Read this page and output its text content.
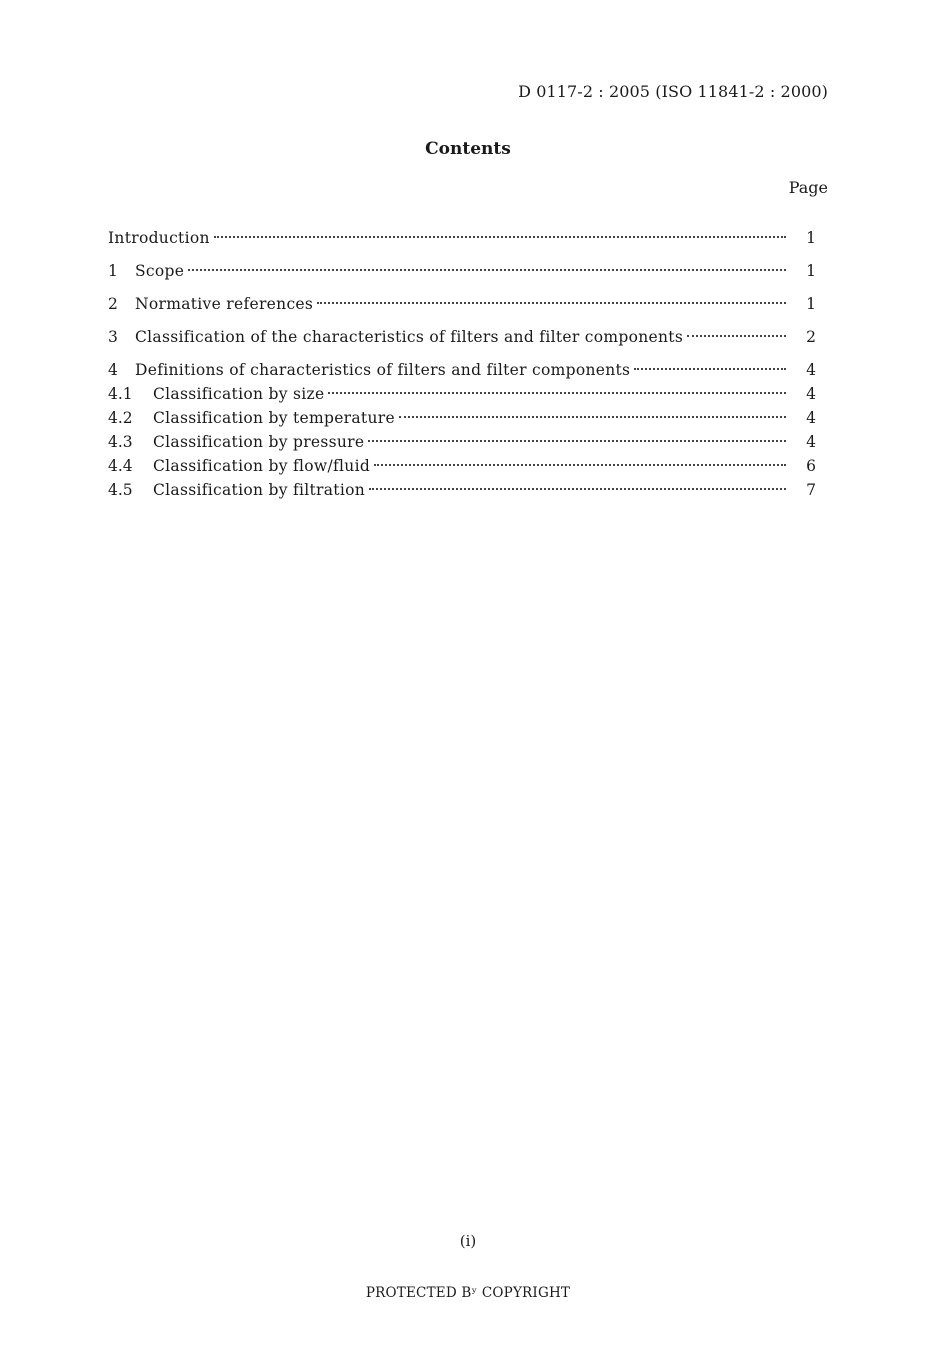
D 0117-2 : 2005 (ISO 11841-2 : 2000)
Contents
Page
Introduction	1
1	Scope	1
2	Normative references	1
3	Classification of the characteristics of filters and filter components	2
4	Definitions of characteristics of filters and filter components	4
4.1	Classification by size	4
4.2	Classification by temperature	4
4.3	Classification by pressure	4
4.4	Classification by flow/fluid	6
4.5	Classification by filtration	7
(i)
PROTECTED Bʸ COPYRIGHT
